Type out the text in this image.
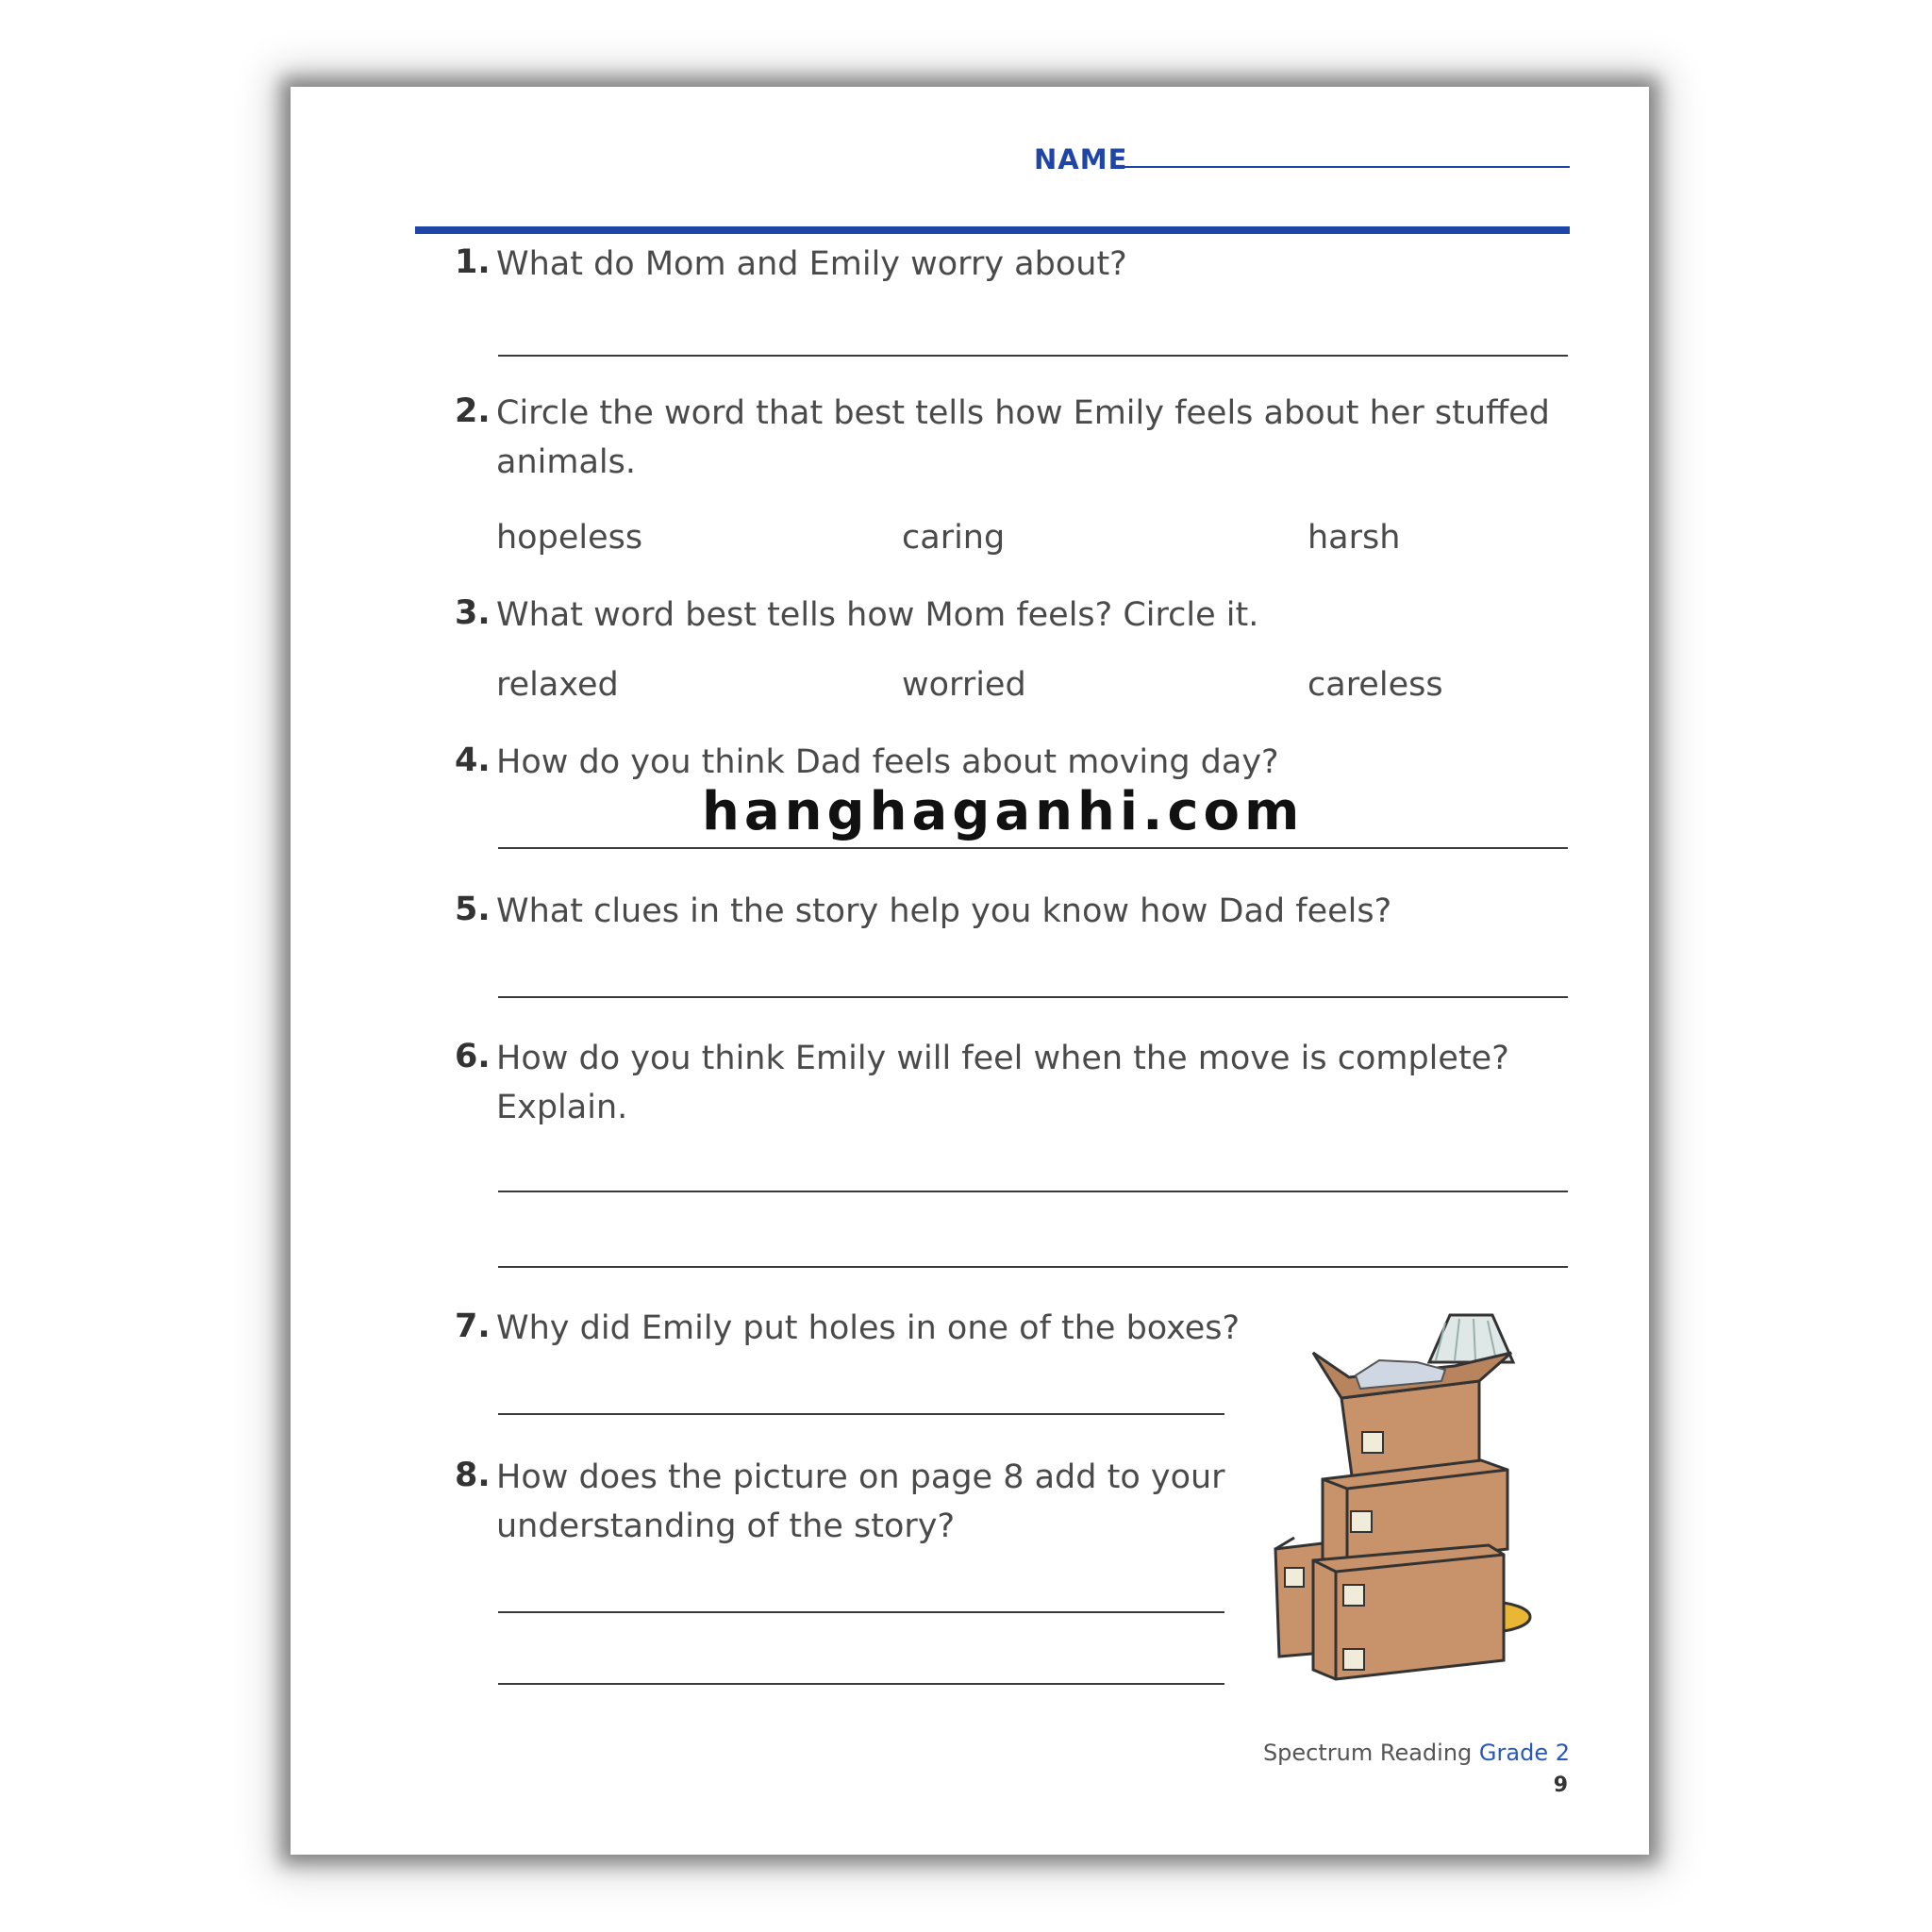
NAME
1. What do Mom and Emily worry about?
2. Circle the word that best tells how Emily feels about her stuffed
animals.
hopeless	caring	harsh
3. What word best tells how Mom feels? Circle it.
relaxed	worried	careless
4. How do you think Dad feels about moving day?
5. What clues in the story help you know how Dad feels?
6. How do you think Emily will feel when the move is complete?
Explain.
7. Why did Emily put holes in one of the boxes?
8. How does the picture on page 8 add to your
understanding of the story?
hanghaganhi.com
Spectrum Reading Grade 2
9
